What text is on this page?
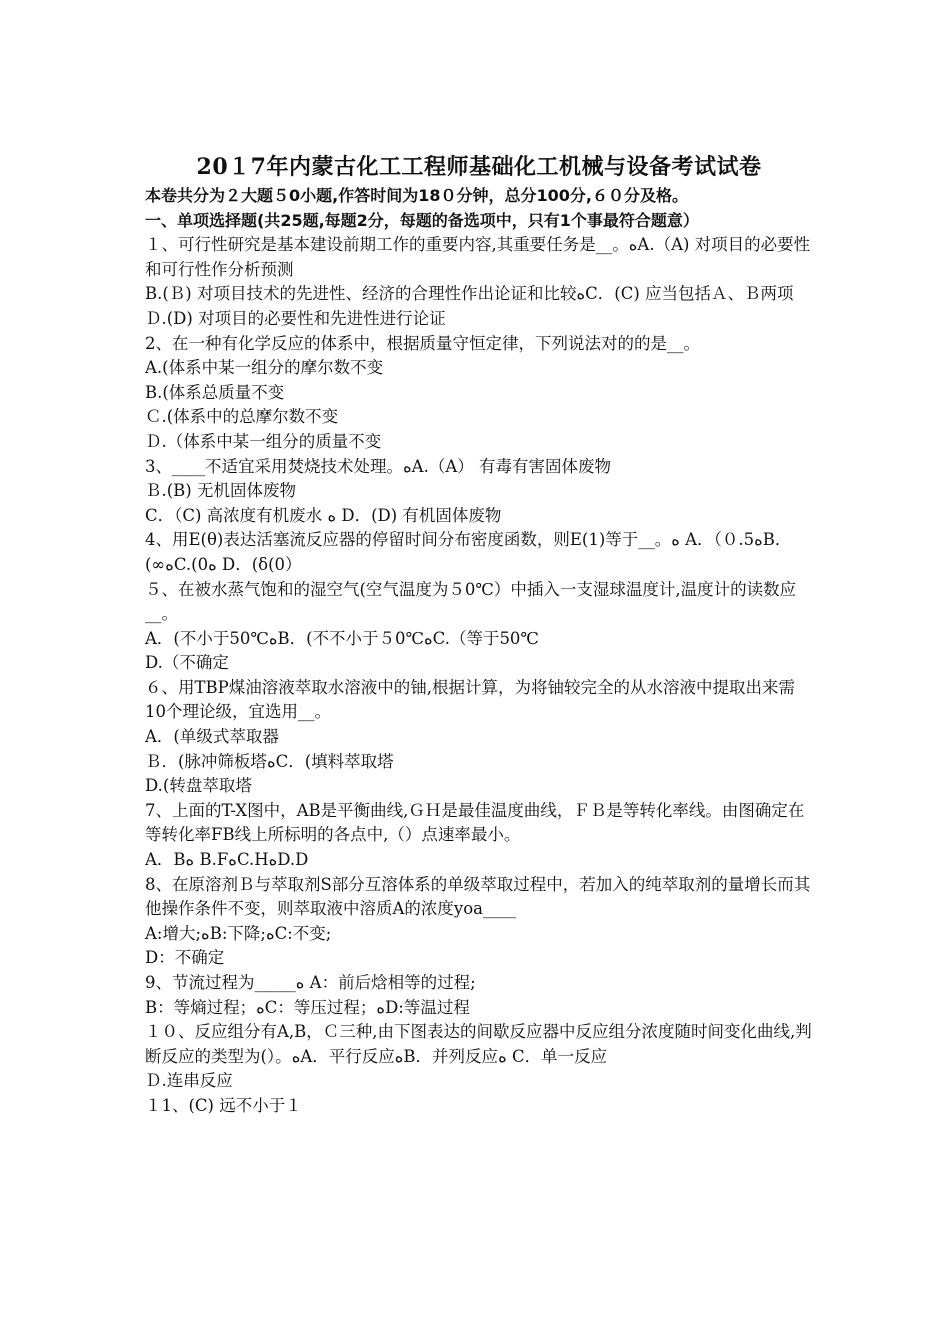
20１7年内蒙古化工工程师基础化工机械与设备考试试卷

本卷共分为２大题５0小题,作答时间为18０分钟，总分100分,６０分及格。

一、单项选择题(共25题,每题2分，每题的备选项中，只有1个事最符合题意）

１、可行性研究是基本建设前期工作的重要内容,其重要任务是__。ﻩA.（A) 对项目的必要性和可行性作分析预测

B.(Ｂ) 对项目技术的先进性、经济的合理性作出论证和比较ﻩC．(C) 应当包括Ａ、Ｂ两项

Ｄ.(D) 对项目的必要性和先进性进行论证

2、在一种有化学反应的体系中，根据质量守恒定律，下列说法对的的是__。

A.(体系中某一组分的摩尔数不变

B.(体系总质量不变

Ｃ.(体系中的总摩尔数不变

Ｄ.（体系中某一组分的质量不变

3、____不适宜采用焚烧技术处理。ﻩA.（A） 有毒有害固体废物

Ｂ.(B) 无机固体废物

C．（C) 高浓度有机废水 ﻩ D．(D) 有机固体废物

4、用E(θ)表达活塞流反应器的停留时间分布密度函数，则E(1)等于__。ﻩ A．（０.5ﻩB．(∞ﻩC.(0ﻩ D．(δ(0）

５、在被水蒸气饱和的湿空气(空气温度为５0℃）中插入一支湿球温度计,温度计的读数应__。

A．(不小于50℃ﻩB．(不不小于５0℃ﻩC.（等于50℃

D.（不确定

６、用TBP煤油溶液萃取水溶液中的铀,根据计算，为将铀较完全的从水溶液中提取出来需10个理论级，宜选用__。

A．(单级式萃取器

Ｂ．(脉冲筛板塔ﻩC．(填料萃取塔

D.(转盘萃取塔

7、上面的T-X图中，AB是平衡曲线,ＧＨ是最佳温度曲线，ＦＢ是等转化率线。由图确定在等转化率FB线上所标明的各点中,（）点速率最小。

A．Bﻩ B.FﻩC.HﻩD.D

8、在原溶剂Ｂ与萃取剂S部分互溶体系的单级萃取过程中，若加入的纯萃取剂的量增长而其他操作条件不变，则萃取液中溶质A的浓度yoa____

A:增大;ﻩB:下降;ﻩC:不变;

D：不确定

9、节流过程为_____ﻩ A：前后焓相等的过程;

B：等熵过程；ﻩC：等压过程；ﻩD:等温过程

１０、反应组分有A,B，Ｃ三种,由下图表达的间歇反应器中反应组分浓度随时间变化曲线,判断反应的类型为(）。ﻩA．平行反应ﻩB．并列反应ﻩ C．单一反应

Ｄ.连串反应

１1、(C) 远不小于１
